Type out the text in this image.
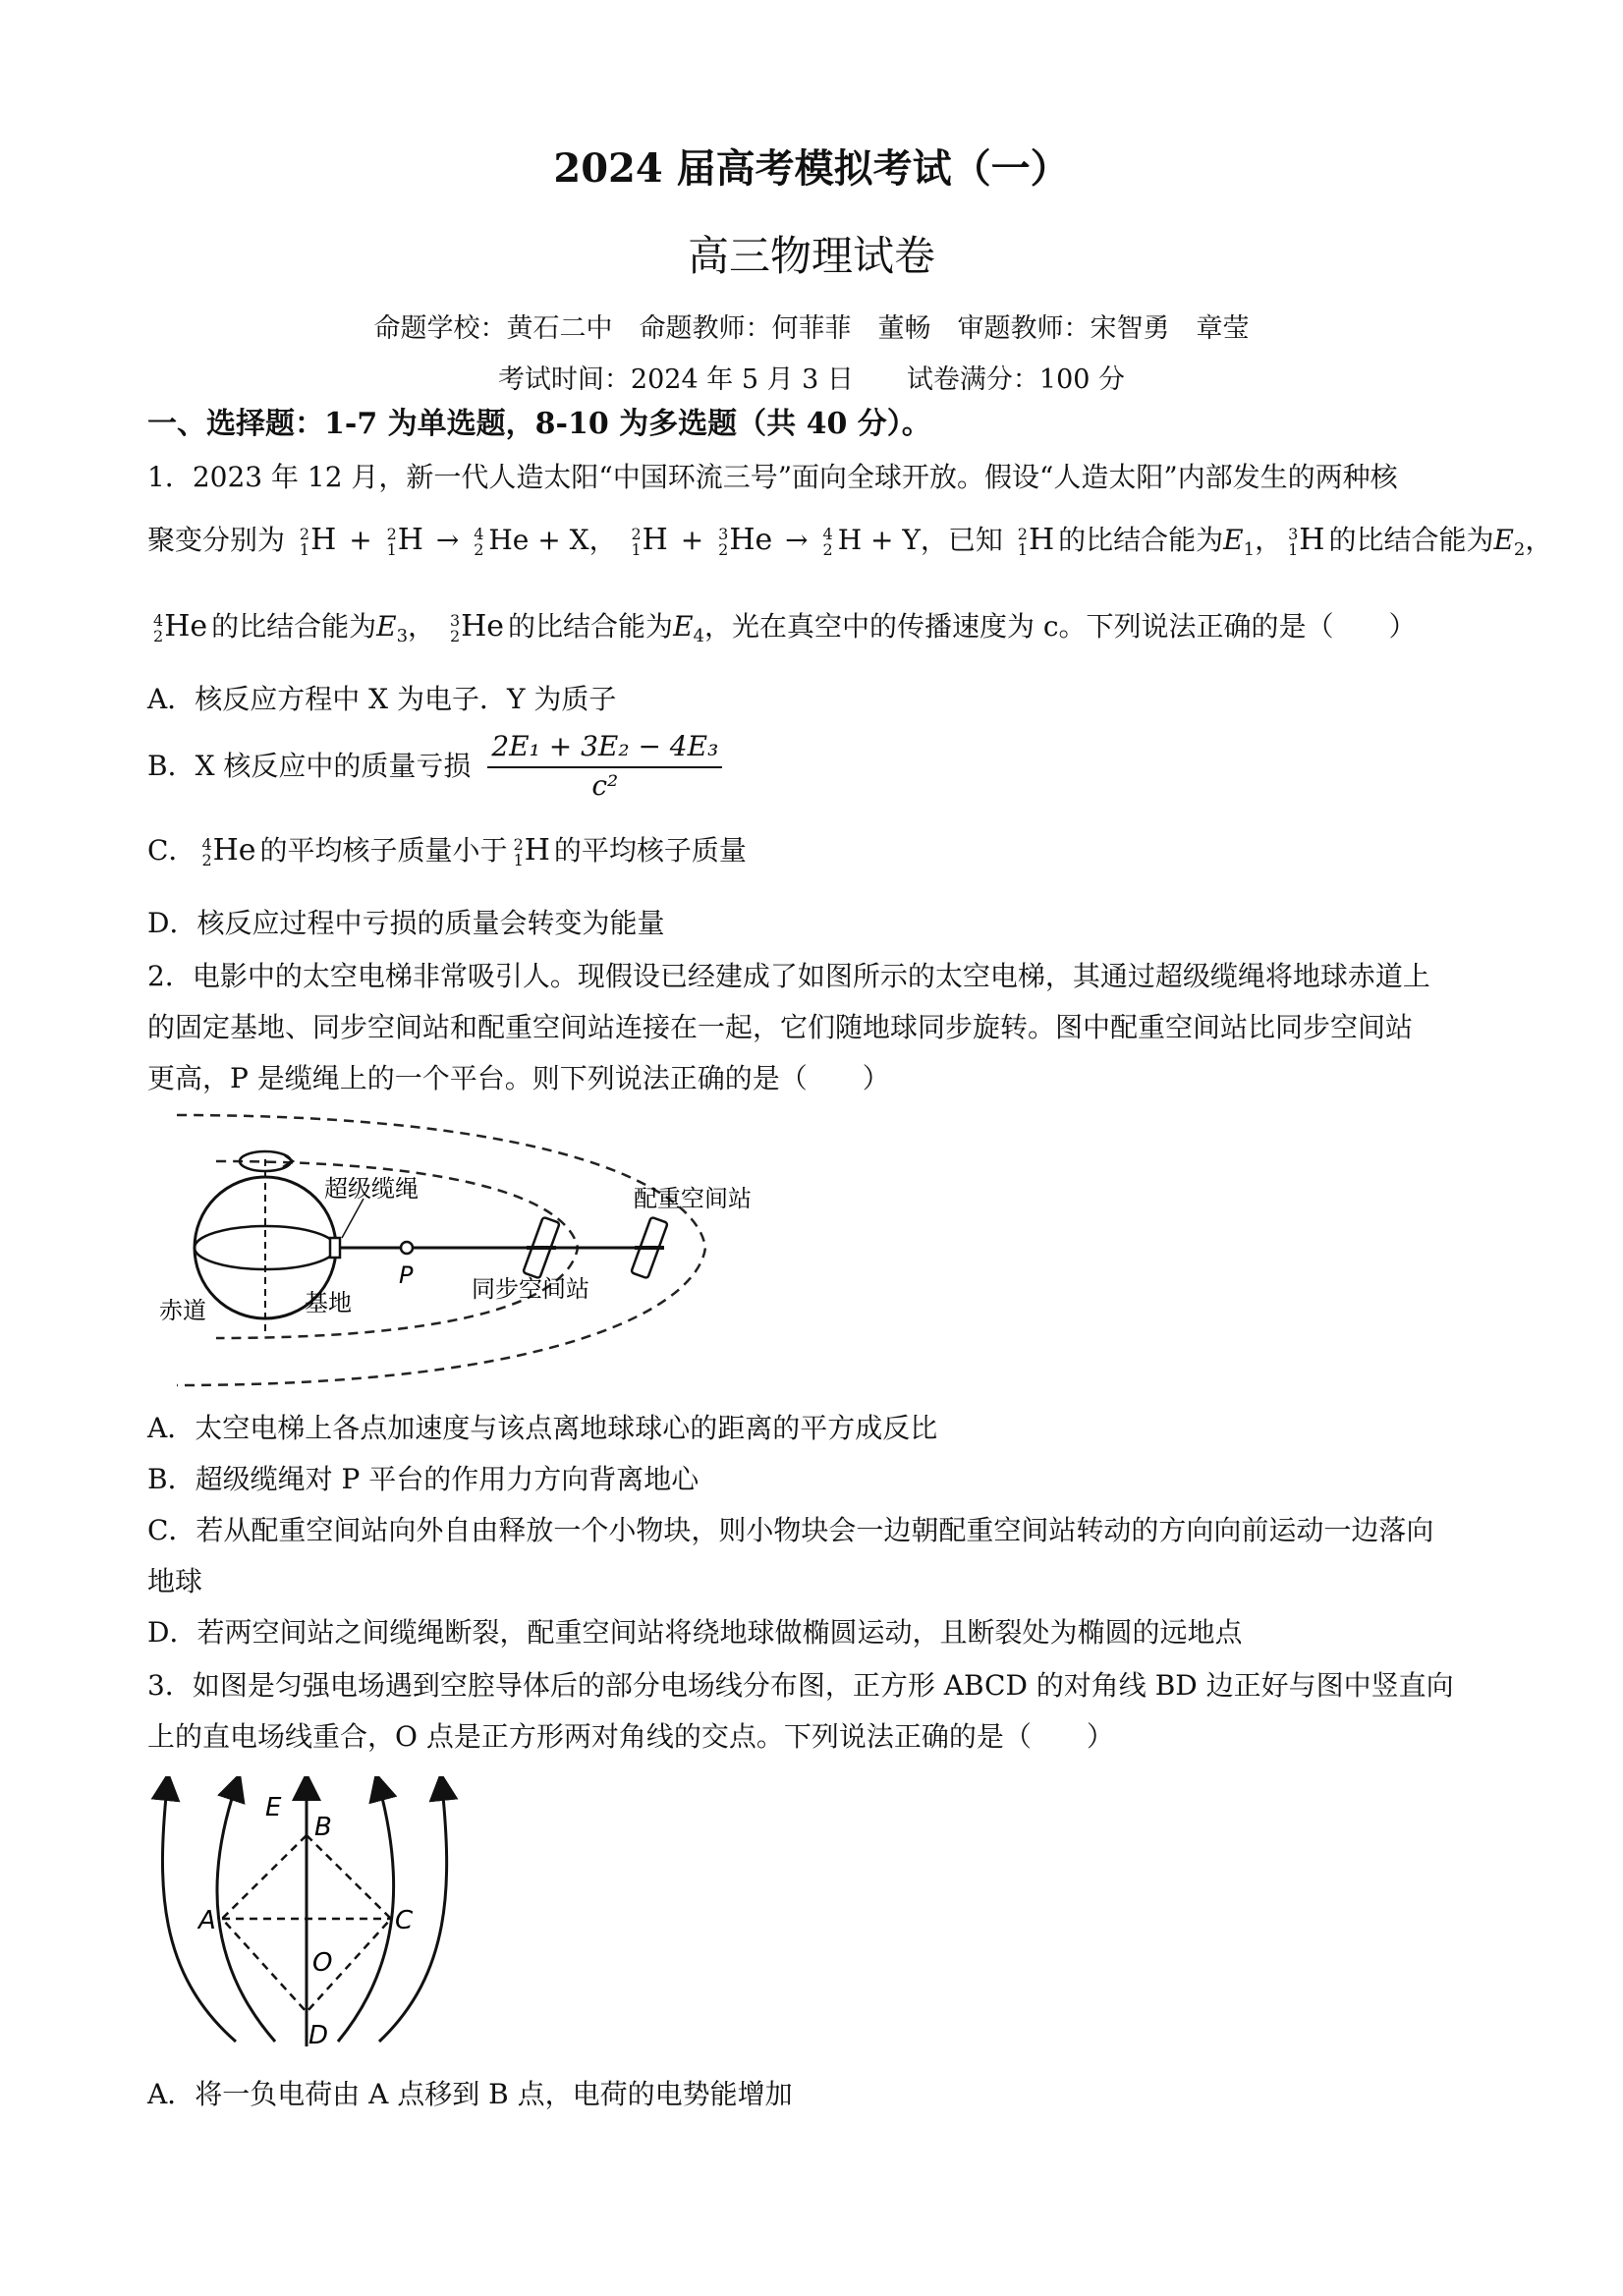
2024 届高考模拟考试（一）
高三物理试卷
命题学校：黄石二中　命题教师：何菲菲　董畅　审题教师：宋智勇　章莹
考试时间：2024 年 5 月 3 日　　试卷满分：100 分
一、选择题：1-7 为单选题，8-10 为多选题（共 40 分）。
1．2023 年 12 月，新一代人造太阳“中国环流三号”面向全球开放。假设“人造太阳”内部发生的两种核
聚变分别为 2
1 H + 2
1 H → 4
2 He + X， 2
1 H + 3
2 He → 4
2 H + Y，已知 2
1 H 的比结合能为$E_1$， 3
1 H 的比结合能为$E_2$，
4
2 He 的比结合能为$E_3$， 3
2 He 的比结合能为$E_4$，光在真空中的传播速度为 c。下列说法正确的是（　　）
A．核反应方程中 X 为电子．Y 为质子
B．X 核反应中的质量亏损 $\frac{\text{2E₁ + 3E₂ − 4E₃}}{\text{c²}}$
C． 4
2 He 的平均核子质量小于 2
1 H 的平均核子质量
D．核反应过程中亏损的质量会转变为能量
2．电影中的太空电梯非常吸引人。现假设已经建成了如图所示的太空电梯，其通过超级缆绳将地球赤道上
的固定基地、同步空间站和配重空间站连接在一起，它们随地球同步旋转。图中配重空间站比同步空间站
更高，P 是缆绳上的一个平台。则下列说法正确的是（　　）
超级缆绳	配重空间站
P 同步空间站
赤道	基地
A．太空电梯上各点加速度与该点离地球球心的距离的平方成反比
B．超级缆绳对 P 平台的作用力方向背离地心
C．若从配重空间站向外自由释放一个小物块，则小物块会一边朝配重空间站转动的方向向前运动一边落向
地球
D．若两空间站之间缆绳断裂，配重空间站将绕地球做椭圆运动，且断裂处为椭圆的远地点
3．如图是匀强电场遇到空腔导体后的部分电场线分布图，正方形 ABCD 的对角线 BD 边正好与图中竖直向
上的直电场线重合，O 点是正方形两对角线的交点。下列说法正确的是（　　）
E
B
A	C
O
D
A．将一负电荷由 A 点移到 B 点，电荷的电势能增加
